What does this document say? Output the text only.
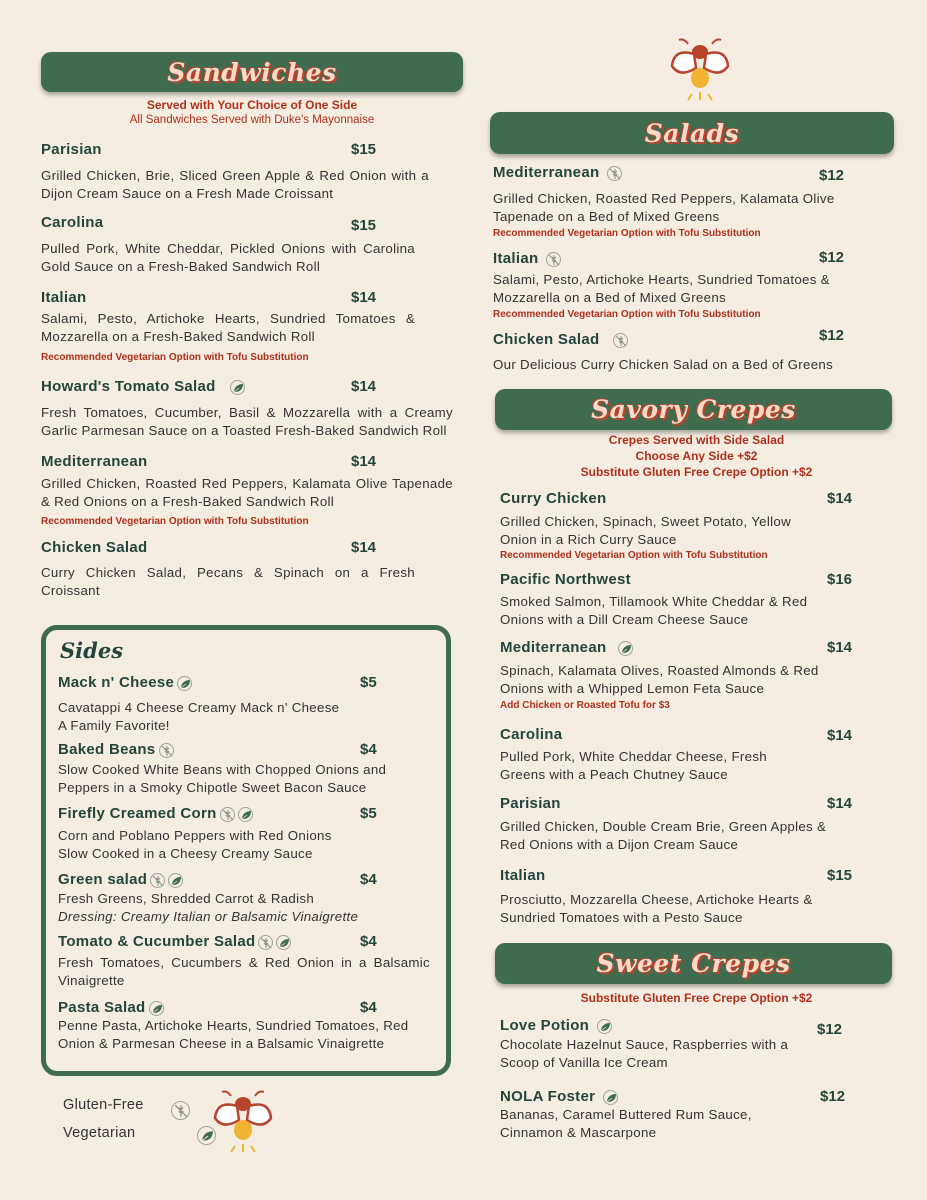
Sandwiches
Served with Your Choice of One Side
All Sandwiches Served with Duke's Mayonnaise
Parisian	$15
Grilled Chicken, Brie, Sliced Green Apple & Red Onion with a Dijon Cream Sauce on a Fresh Made Croissant
Carolina	$15
Pulled Pork, White Cheddar, Pickled Onions with Carolina Gold Sauce on a Fresh-Baked Sandwich Roll
Italian	$14
Salami, Pesto, Artichoke Hearts, Sundried Tomatoes & Mozzarella on a Fresh-Baked Sandwich Roll
Recommended Vegetarian Option with Tofu Substitution
Howard's Tomato Salad	$14
Fresh Tomatoes, Cucumber, Basil & Mozzarella with a Creamy Garlic Parmesan Sauce on a Toasted Fresh-Baked Sandwich Roll
Mediterranean	$14
Grilled Chicken, Roasted Red Peppers, Kalamata Olive Tapenade & Red Onions on a Fresh-Baked Sandwich Roll
Recommended Vegetarian Option with Tofu Substitution
Chicken Salad	$14
Curry Chicken Salad, Pecans & Spinach on a Fresh Croissant
Sides
Mack n' Cheese	$5
Cavatappi 4 Cheese Creamy Mack n' Cheese
A Family Favorite!
Baked Beans	$4
Slow Cooked White Beans with Chopped Onions and Peppers in a Smoky Chipotle Sweet Bacon Sauce
Firefly Creamed Corn	$5
Corn and Poblano Peppers with Red Onions
Slow Cooked in a Cheesy Creamy Sauce
Green salad	$4
Fresh Greens, Shredded Carrot & Radish
Dressing: Creamy Italian or Balsamic Vinaigrette
Tomato & Cucumber Salad	$4
Fresh Tomatoes, Cucumbers & Red Onion in a Balsamic Vinaigrette
Pasta Salad	$4
Penne Pasta, Artichoke Hearts, Sundried Tomatoes, Red Onion & Parmesan Cheese in a Balsamic Vinaigrette
Gluten-Free

Vegetarian
Salads
Mediterranean	$12
Grilled Chicken, Roasted Red Peppers, Kalamata Olive Tapenade on a Bed of Mixed Greens
Recommended Vegetarian Option with Tofu Substitution
Italian	$12
Salami, Pesto, Artichoke Hearts, Sundried Tomatoes & Mozzarella on a Bed of Mixed Greens
Recommended Vegetarian Option with Tofu Substitution
Chicken Salad	$12
Our Delicious Curry Chicken Salad on a Bed of Greens
Savory Crepes
Crepes Served with Side Salad
Choose Any Side +$2
Substitute Gluten Free Crepe Option +$2
Curry Chicken	$14
Grilled Chicken, Spinach, Sweet Potato, Yellow Onion in a Rich Curry Sauce
Recommended Vegetarian Option with Tofu Substitution
Pacific Northwest	$16
Smoked Salmon, Tillamook White Cheddar & Red Onions with a Dill Cream Cheese Sauce
Mediterranean	$14
Spinach, Kalamata Olives, Roasted Almonds & Red Onions with a Whipped Lemon Feta Sauce
Add Chicken or Roasted Tofu for $3
Carolina	$14
Pulled Pork, White Cheddar Cheese, Fresh Greens with a Peach Chutney Sauce
Parisian	$14
Grilled Chicken, Double Cream Brie, Green Apples & Red Onions with a Dijon Cream Sauce
Italian	$15
Prosciutto, Mozzarella Cheese, Artichoke Hearts & Sundried Tomatoes with a Pesto Sauce
Sweet Crepes
Substitute Gluten Free Crepe Option +$2
Love Potion	$12
Chocolate Hazelnut Sauce, Raspberries with a Scoop of Vanilla Ice Cream
NOLA Foster	$12
Bananas, Caramel Buttered Rum Sauce, Cinnamon & Mascarpone
